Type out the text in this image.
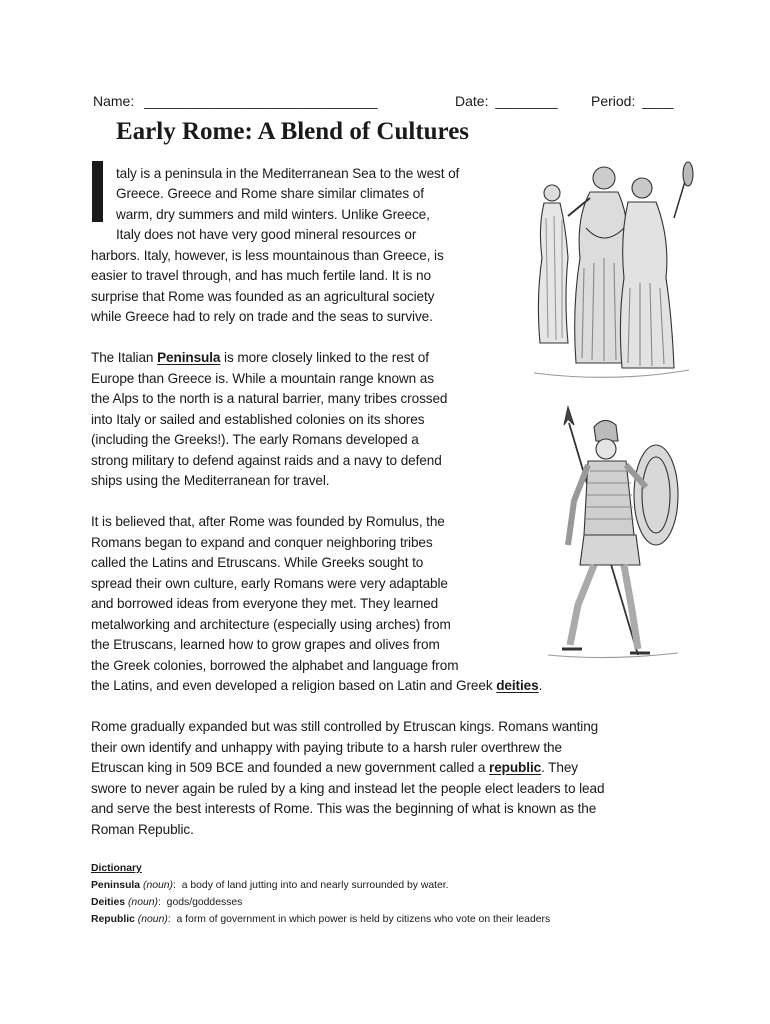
Name: ______________________________	Date: ________ Period: ____
Early Rome: A Blend of Cultures
taly is a peninsula in the Mediterranean Sea to the west of
Greece. Greece and Rome share similar climates of
warm, dry summers and mild winters. Unlike Greece,
Italy does not have very good mineral resources or
harbors. Italy, however, is less mountainous than Greece, is
easier to travel through, and has much fertile land. It is no
surprise that Rome was founded as an agricultural society
while Greece had to rely on trade and the seas to survive.
The Italian Peninsula is more closely linked to the rest of
Europe than Greece is. While a mountain range known as
the Alps to the north is a natural barrier, many tribes crossed
into Italy or sailed and established colonies on its shores
(including the Greeks!). The early Romans developed a
strong military to defend against raids and a navy to defend
ships using the Mediterranean for travel.
It is believed that, after Rome was founded by Romulus, the
Romans began to expand and conquer neighboring tribes
called the Latins and Etruscans. While Greeks sought to
spread their own culture, early Romans were very adaptable
and borrowed ideas from everyone they met. They learned
metalworking and architecture (especially using arches) from
the Etruscans, learned how to grow grapes and olives from
the Greek colonies, borrowed the alphabet and language from
the Latins, and even developed a religion based on Latin and Greek deities.
Rome gradually expanded but was still controlled by Etruscan kings. Romans wanting
their own identify and unhappy with paying tribute to a harsh ruler overthrew the
Etruscan king in 509 BCE and founded a new government called a republic. They
swore to never again be ruled by a king and instead let the people elect leaders to lead
and serve the best interests of Rome. This was the beginning of what is known as the
Roman Republic.
Dictionary
Peninsula (noun):  a body of land jutting into and nearly surrounded by water.
Deities (noun):  gods/goddesses
Republic (noun):  a form of government in which power is held by citizens who vote on their leaders
